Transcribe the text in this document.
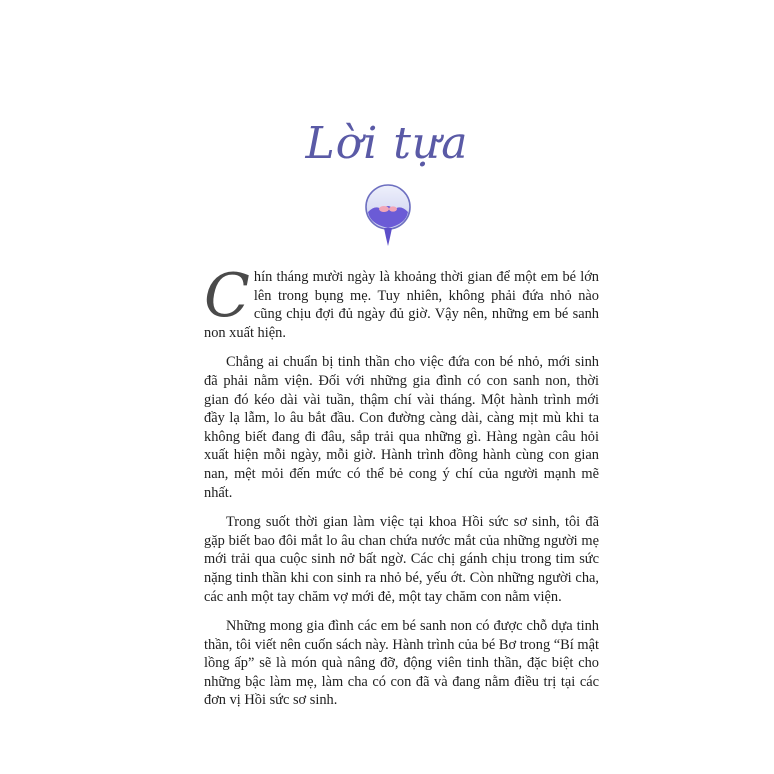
Lời tựa

Chín tháng mười ngày là khoảng thời gian để một em bé lớn lên trong bụng mẹ. Tuy nhiên, không phải đứa nhỏ nào cũng chịu đợi đủ ngày đủ giờ. Vậy nên, những em bé sanh non xuất hiện.

Chẳng ai chuẩn bị tinh thần cho việc đứa con bé nhỏ, mới sinh đã phải nằm viện. Đối với những gia đình có con sanh non, thời gian đó kéo dài vài tuần, thậm chí vài tháng. Một hành trình mới đầy lạ lẫm, lo âu bắt đầu. Con đường càng dài, càng mịt mù khi ta không biết đang đi đâu, sắp trải qua những gì. Hàng ngàn câu hỏi xuất hiện mỗi ngày, mỗi giờ. Hành trình đồng hành cùng con gian nan, mệt mỏi đến mức có thể bẻ cong ý chí của người mạnh mẽ nhất.

Trong suốt thời gian làm việc tại khoa Hồi sức sơ sinh, tôi đã gặp biết bao đôi mắt lo âu chan chứa nước mắt của những người mẹ mới trải qua cuộc sinh nở bất ngờ. Các chị gánh chịu trong tim sức nặng tinh thần khi con sinh ra nhỏ bé, yếu ớt. Còn những người cha, các anh một tay chăm vợ mới đẻ, một tay chăm con nằm viện.

Những mong gia đình các em bé sanh non có được chỗ dựa tinh thần, tôi viết nên cuốn sách này. Hành trình của bé Bơ trong “Bí mật lồng ấp” sẽ là món quà nâng đỡ, động viên tinh thần, đặc biệt cho những bậc làm mẹ, làm cha có con đã và đang nằm điều trị tại các đơn vị Hồi sức sơ sinh.
